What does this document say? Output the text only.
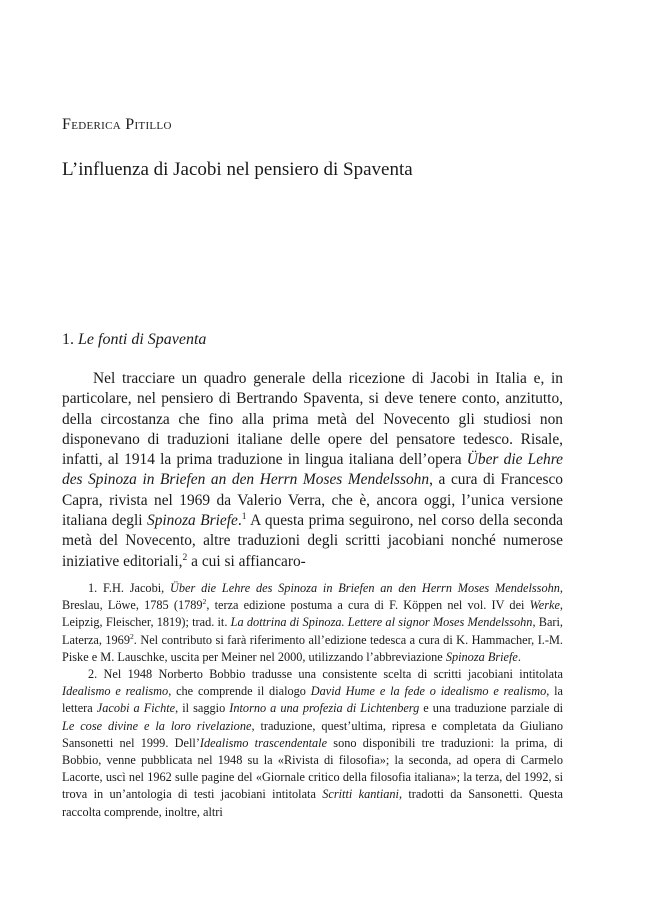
Federica Pitillo
L’influenza di Jacobi nel pensiero di Spaventa
1. Le fonti di Spaventa

Nel tracciare un quadro generale della ricezione di Jacobi in Italia e, in particolare, nel pensiero di Bertrando Spaventa, si deve tenere conto, anzitutto, della circostanza che fino alla prima metà del Novecento gli studiosi non disponevano di traduzioni italiane delle opere del pensatore tedesco. Risale, infatti, al 1914 la prima traduzione in lingua italiana dell’opera Über die Lehre des Spinoza in Briefen an den Herrn Moses Mendelssohn, a cura di Francesco Capra, rivista nel 1969 da Valerio Verra, che è, ancora oggi, l’unica versione italiana degli Spinoza Briefe.$^1$ A questa prima seguirono, nel corso della seconda metà del Novecento, altre traduzioni degli scritti jacobiani nonché numerose iniziative editoriali,$^2$ a cui si affiancaro-

1. F.H. Jacobi, Über die Lehre des Spinoza in Briefen an den Herrn Moses Mendelssohn, Breslau, Löwe, 1785 (1789$^2$, terza edizione postuma a cura di F. Köppen nel vol. IV dei Werke, Leipzig, Fleischer, 1819); trad. it. La dottrina di Spinoza. Lettere al signor Moses Mendelssohn, Bari, Laterza, 1969$^2$. Nel contributo si farà riferimento all’edizione tedesca a cura di K. Hammacher, I.-M. Piske e M. Lauschke, uscita per Meiner nel 2000, utilizzando l’abbreviazione Spinoza Briefe.

2. Nel 1948 Norberto Bobbio tradusse una consistente scelta di scritti jacobiani intitolata Idealismo e realismo, che comprende il dialogo David Hume e la fede o idealismo e realismo, la lettera Jacobi a Fichte, il saggio Intorno a una profezia di Lichtenberg e una traduzione parziale di Le cose divine e la loro rivelazione, traduzione, quest’ultima, ripresa e completata da Giuliano Sansonetti nel 1999. Dell’Idealismo trascendentale sono disponibili tre traduzioni: la prima, di Bobbio, venne pubblicata nel 1948 su la «Rivista di filosofia»; la seconda, ad opera di Carmelo Lacorte, uscì nel 1962 sulle pagine del «Giornale critico della filosofia italiana»; la terza, del 1992, si trova in un’antologia di testi jacobiani intitolata Scritti kantiani, tradotti da Sansonetti. Questa raccolta comprende, inoltre, altri
